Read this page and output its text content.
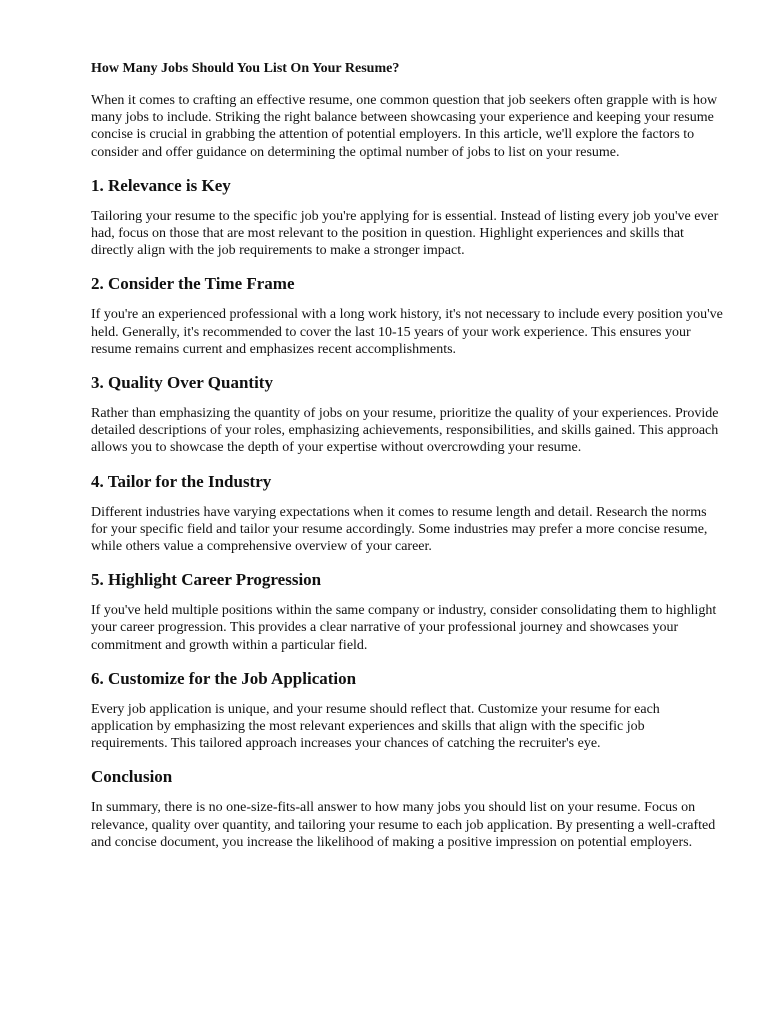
How Many Jobs Should You List On Your Resume?

When it comes to crafting an effective resume, one common question that job seekers often grapple with is how many jobs to include. Striking the right balance between showcasing your experience and keeping your resume concise is crucial in grabbing the attention of potential employers. In this article, we'll explore the factors to consider and offer guidance on determining the optimal number of jobs to list on your resume.

1. Relevance is Key

Tailoring your resume to the specific job you're applying for is essential. Instead of listing every job you've ever had, focus on those that are most relevant to the position in question. Highlight experiences and skills that directly align with the job requirements to make a stronger impact.

2. Consider the Time Frame

If you're an experienced professional with a long work history, it's not necessary to include every position you've held. Generally, it's recommended to cover the last 10-15 years of your work experience. This ensures your resume remains current and emphasizes recent accomplishments.

3. Quality Over Quantity

Rather than emphasizing the quantity of jobs on your resume, prioritize the quality of your experiences. Provide detailed descriptions of your roles, emphasizing achievements, responsibilities, and skills gained. This approach allows you to showcase the depth of your expertise without overcrowding your resume.

4. Tailor for the Industry

Different industries have varying expectations when it comes to resume length and detail. Research the norms for your specific field and tailor your resume accordingly. Some industries may prefer a more concise resume, while others value a comprehensive overview of your career.

5. Highlight Career Progression

If you've held multiple positions within the same company or industry, consider consolidating them to highlight your career progression. This provides a clear narrative of your professional journey and showcases your commitment and growth within a particular field.

6. Customize for the Job Application

Every job application is unique, and your resume should reflect that. Customize your resume for each application by emphasizing the most relevant experiences and skills that align with the specific job requirements. This tailored approach increases your chances of catching the recruiter's eye.

Conclusion

In summary, there is no one-size-fits-all answer to how many jobs you should list on your resume. Focus on relevance, quality over quantity, and tailoring your resume to each job application. By presenting a well-crafted and concise document, you increase the likelihood of making a positive impression on potential employers.
